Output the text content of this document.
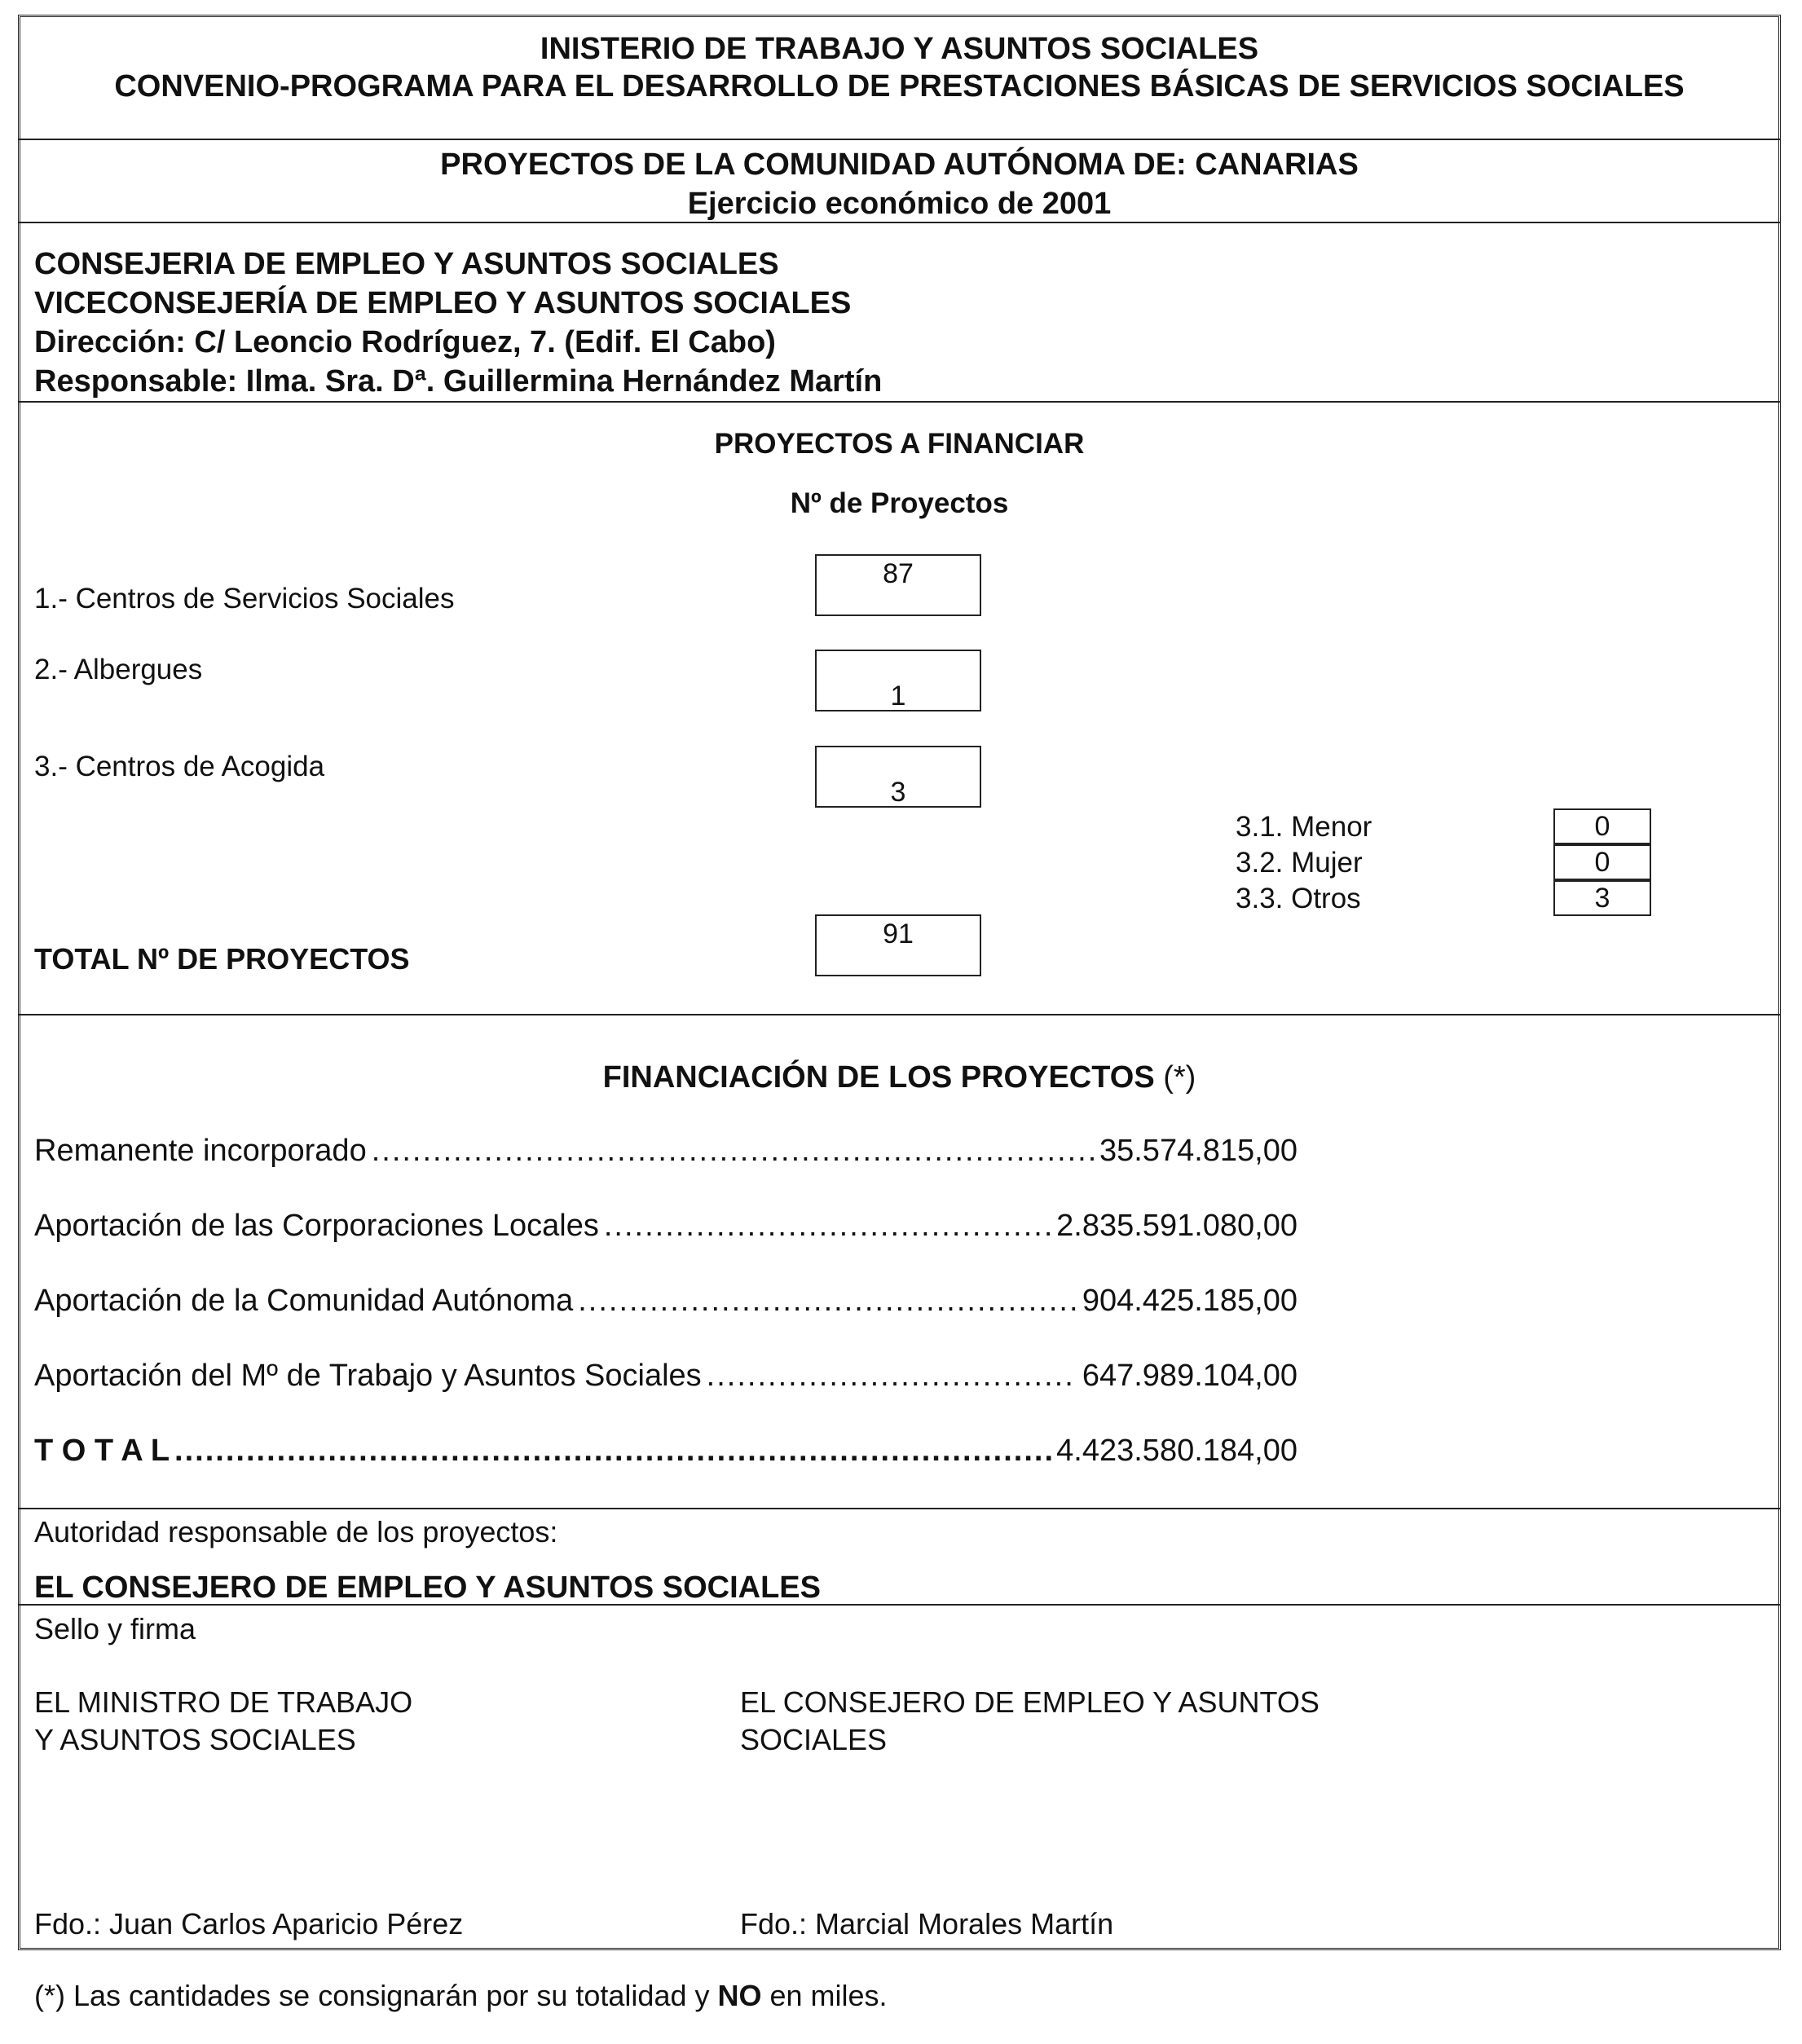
INISTERIO DE TRABAJO Y ASUNTOS SOCIALES
CONVENIO-PROGRAMA PARA EL DESARROLLO DE PRESTACIONES BÁSICAS DE SERVICIOS SOCIALES
PROYECTOS DE LA COMUNIDAD AUTÓNOMA DE: CANARIAS
Ejercicio económico de 2001
CONSEJERIA DE EMPLEO Y ASUNTOS SOCIALES
VICECONSEJERÍA DE EMPLEO Y ASUNTOS SOCIALES
Dirección: C/ Leoncio Rodríguez, 7. (Edif. El Cabo)
Responsable: Ilma. Sra. Dª. Guillermina Hernández Martín
PROYECTOS A FINANCIAR
Nº de Proyectos
1.- Centros de Servicios Sociales
87
2.- Albergues
1
3.- Centros de Acogida
3
3.1. Menor	0
3.2. Mujer	0
3.3. Otros	3
TOTAL Nº DE PROYECTOS
91
FINANCIACIÓN DE LOS PROYECTOS (*)
Remanente incorporado .....	35.574.815,00
Aportación de las Corporaciones Locales .....	2.835.591.080,00
Aportación de la Comunidad Autónoma .....	904.425.185,00
Aportación del Mº de Trabajo y Asuntos Sociales .....	647.989.104,00
T O T A L .....	4.423.580.184,00
Autoridad responsable de los proyectos:
EL CONSEJERO DE EMPLEO Y ASUNTOS SOCIALES
Sello y firma
EL MINISTRO DE TRABAJO
Y ASUNTOS SOCIALES
EL CONSEJERO DE EMPLEO Y ASUNTOS
SOCIALES
Fdo.: Juan Carlos Aparicio Pérez	Fdo.: Marcial Morales Martín
(*) Las cantidades se consignarán por su totalidad y NO en miles.
